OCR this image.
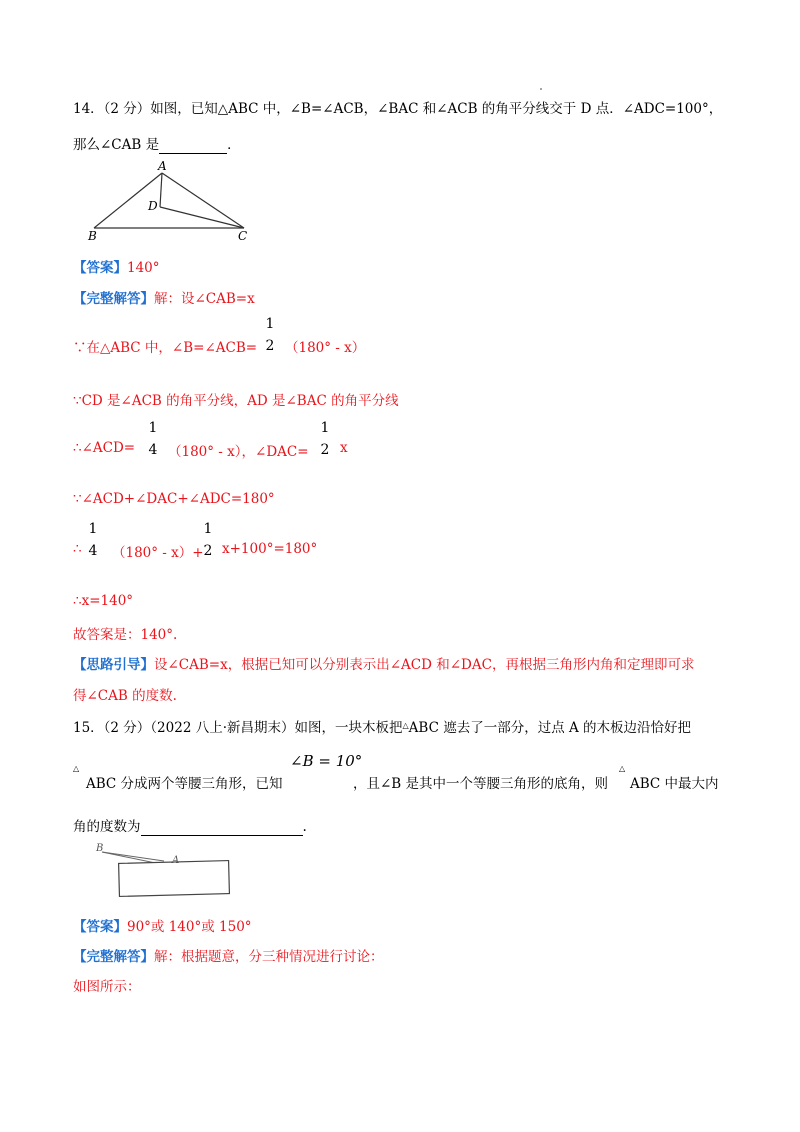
14．（2 分）如图，已知△ABC 中，∠B=∠ACB，∠BAC 和∠ACB 的角平分线交于 D 点．∠ADC=100°，
那么∠CAB 是	．
A
D
B	C
【答案】140°
【完整解答】解：设∠CAB=x
∵在△ABC 中，∠B=∠ACB=
1
2 （180° - x）
∵CD 是∠ACB 的角平分线，AD 是∠BAC 的角平分线
∴∠ACD=
1
4 （180° - x），∠DAC=
1
2 x
∵∠ACD+∠DAC+∠ADC=180°
∴
1
4 （180° - x）+
1
2 x+100°=180°
∴x=140°
故答案是：140°.
【思路引导】设∠CAB=x，根据已知可以分别表示出∠ACD 和∠DAC，再根据三角形内角和定理即可求
得∠CAB 的度数.
15．（2 分）（2022 八上·新昌期末）如图，一块木板把△ABC 遮去了一部分，过点 A 的木板边沿恰好把
△
ABC 分成两个等腰三角形，已知
∠B = 10°
，且∠B 是其中一个等腰三角形的底角，则
△
ABC 中最大内
角的度数为	.
B
A
【答案】90°或 140°或 150°
【完整解答】解：根据题意，分三种情况进行讨论：
如图所示：
